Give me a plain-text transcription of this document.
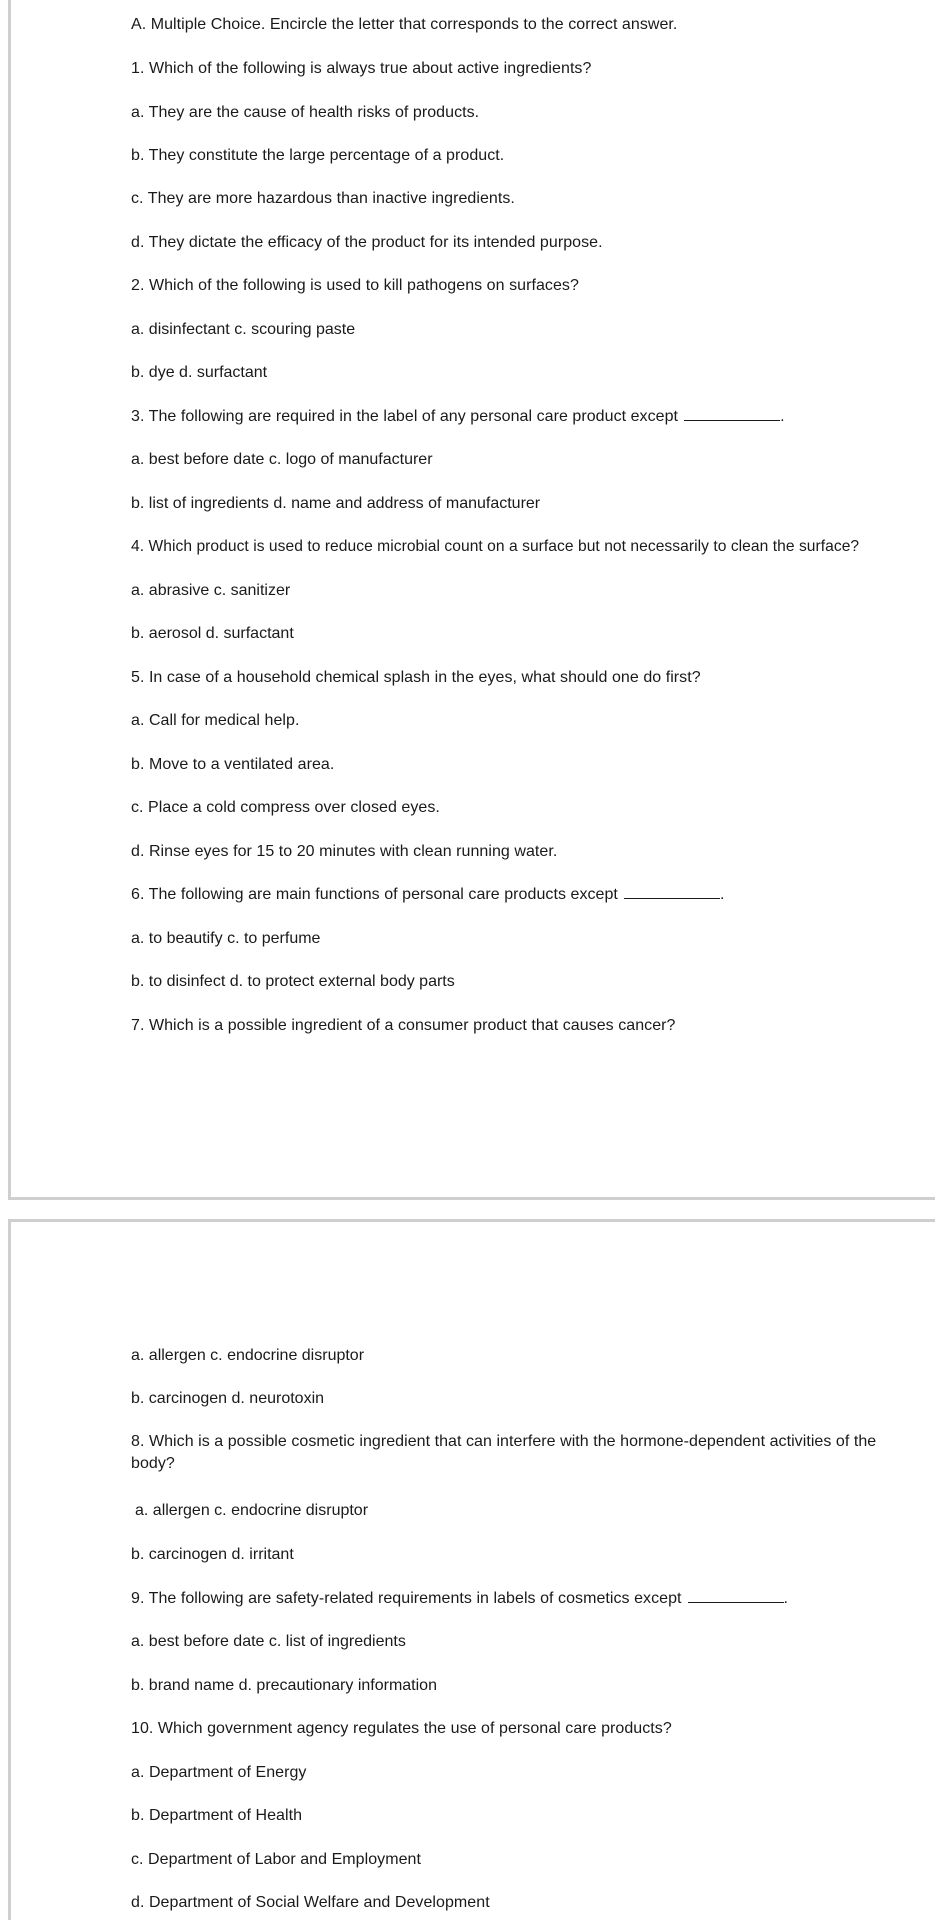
A. Multiple Choice. Encircle the letter that corresponds to the correct answer.
1. Which of the following is always true about active ingredients?
a. They are the cause of health risks of products.
b. They constitute the large percentage of a product.
c. They are more hazardous than inactive ingredients.
d. They dictate the efficacy of the product for its intended purpose.
2. Which of the following is used to kill pathogens on surfaces?
a. disinfectant c. scouring paste
b. dye d. surfactant
3. The following are required in the label of any personal care product except	.
a. best before date c. logo of manufacturer
b. list of ingredients d. name and address of manufacturer
4. Which product is used to reduce microbial count on a surface but not necessarily to clean the surface?
a. abrasive c. sanitizer
b. aerosol d. surfactant
5. In case of a household chemical splash in the eyes, what should one do first?
a. Call for medical help.
b. Move to a ventilated area.
c. Place a cold compress over closed eyes.
d. Rinse eyes for 15 to 20 minutes with clean running water.
6. The following are main functions of personal care products except	.
a. to beautify c. to perfume
b. to disinfect d. to protect external body parts
7. Which is a possible ingredient of a consumer product that causes cancer?
a. allergen c. endocrine disruptor
b. carcinogen d. neurotoxin
8. Which is a possible cosmetic ingredient that can interfere with the hormone-dependent activities of the body?
a. allergen c. endocrine disruptor
b. carcinogen d. irritant
9. The following are safety-related requirements in labels of cosmetics except	.
a. best before date c. list of ingredients
b. brand name d. precautionary information
10. Which government agency regulates the use of personal care products?
a. Department of Energy
b. Department of Health
c. Department of Labor and Employment
d. Department of Social Welfare and Development
